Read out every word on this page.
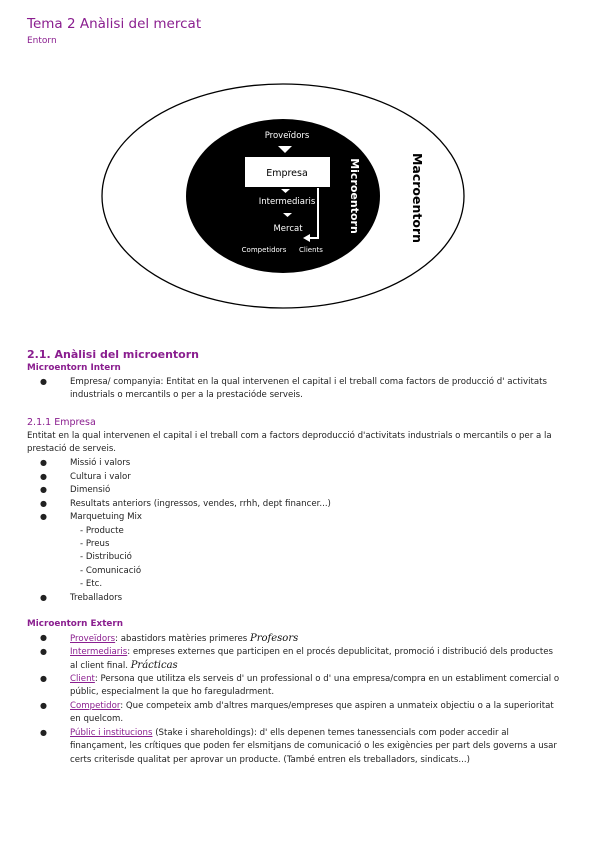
Tema 2 Anàlisi del mercat
Entorn
Proveïdors
Empresa
Intermediaris
Mercat
Competidors Clients
Microentorn	Macroentorn
2.1. Anàlisi del microentorn
Microentorn Intern
●	Empresa/ companyia: Entitat en la qual intervenen el capital i el treball coma factors de producció d' activitats
industrials o mercantils o per a la prestacióde serveis.
2.1.1 Empresa
Entitat en la qual intervenen el capital i el treball com a factors deproducció d'activitats industrials o mercantils o per a la
prestació de serveis.
●	Missió i valors
●	Cultura i valor
●	Dimensió
●	Resultats anteriors (ingressos, vendes, rrhh, dept financer...)
●	Marquetuing Mix
- Producte
- Preus
- Distribució
- Comunicació
- Etc.
●	Treballadors
Microentorn Extern
●	Proveïdors: abastidors matèries primeres Profesors
●	Intermediaris: empreses externes que participen en el procés depublicitat, promoció i distribució dels productes
al client final. Prácticas
●	Client: Persona que utilitza els serveis d' un professional o d' una empresa/compra en un establiment comercial o
públic, especialment la que ho fareguladrment.
●	Competidor: Que competeix amb d'altres marques/empreses que aspiren a unmateix objectiu o a la superioritat
en quelcom.
●	Públic i institucions (Stake i shareholdings): d' ells depenen temes tanessencials com poder accedir al
finançament, les crítiques que poden fer elsmitjans de comunicació o les exigències per part dels governs a usar
certs criterisde qualitat per aprovar un producte. (També entren els treballadors, sindicats...)
